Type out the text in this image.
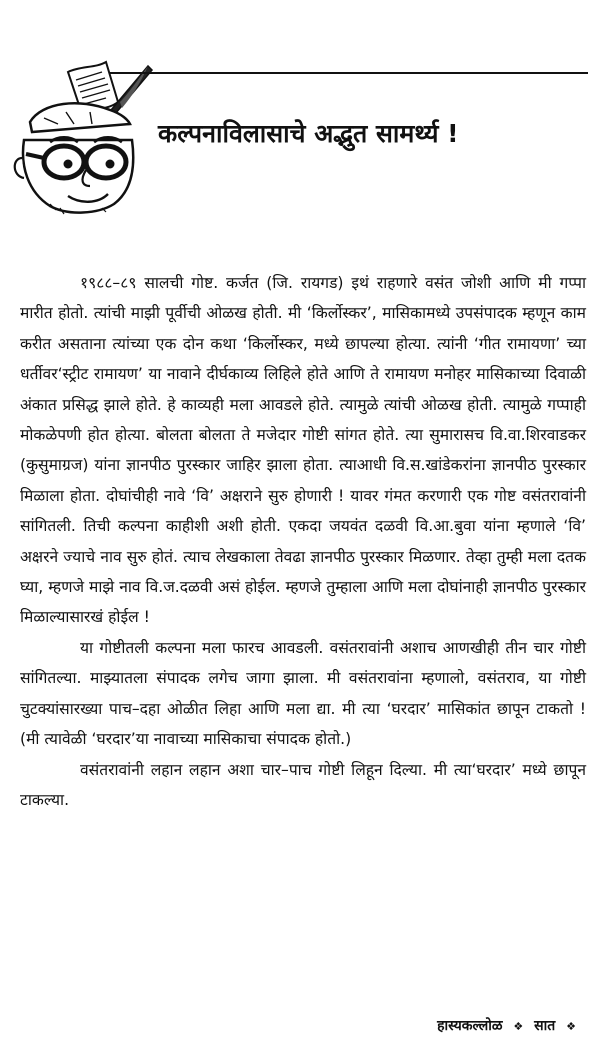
कल्पनाविलासाचे अद्भुत सामर्थ्य !

१९८८–८९ सालची गोष्ट. कर्जत (जि. रायगड) इथं राहणारे वसंत जोशी आणि मी गप्पा मारीत होतो. त्यांची माझी पूर्वीची ओळख होती. मी ‘किर्लोस्कर’, मासिकामध्ये उपसंपादक म्हणून काम करीत असताना त्यांच्या एक दोन कथा ‘किर्लोस्कर, मध्ये छापल्या होत्या. त्यांनी ‘गीत रामायणा’ च्या धर्तीवर‘स्ट्रीट रामायण’ या नावाने दीर्घकाव्य लिहिले होते आणि ते रामायण मनोहर मासिकाच्या दिवाळी अंकात प्रसिद्ध झाले होते. हे काव्यही मला आवडले होते. त्यामुळे त्यांची ओळख होती. त्यामुळे गप्पाही मोकळेपणी होत होत्या. बोलता बोलता ते मजेदार गोष्टी सांगत होते. त्या सुमारासच वि.वा.शिरवाडकर (कुसुमाग्रज) यांना ज्ञानपीठ पुरस्कार जाहिर झाला होता. त्याआधी वि.स.खांडेकरांना ज्ञानपीठ पुरस्कार मिळाला होता. दोघांचीही नावे ‘वि’ अक्षराने सुरु होणारी ! यावर गंमत करणारी एक गोष्ट वसंतरावांनी सांगितली. तिची कल्पना काहीशी अशी होती. एकदा जयवंत दळवी वि.आ.बुवा यांना म्हणाले ‘वि’ अक्षरने ज्याचे नाव सुरु होतं. त्याच लेखकाला तेवढा ज्ञानपीठ पुरस्कार मिळणार. तेव्हा तुम्ही मला दतक घ्या, म्हणजे माझे नाव वि.ज.दळवी असं होईल. म्हणजे तुम्हाला आणि मला दोघांनाही ज्ञानपीठ पुरस्कार मिळाल्यासारखं होईल !

या गोष्टीतली कल्पना मला फारच आवडली. वसंतरावांनी अशाच आणखीही तीन चार गोष्टी सांगितल्या. माझ्यातला संपादक लगेच जागा झाला. मी वसंतरावांना म्हणालो, वसंतराव, या गोष्टी चुटक्यांसारख्या पाच–दहा ओळीत लिहा आणि मला द्या. मी त्या ‘घरदार’ मासिकांत छापून टाकतो ! (मी त्यावेळी ‘घरदार’या नावाच्या मासिकाचा संपादक होतो.)

वसंतरावांनी लहान लहान अशा चार–पाच गोष्टी लिहून दिल्या. मी त्या‘घरदार’ मध्ये छापून टाकल्या.

हास्यकल्लोळ ❖ सात ❖
